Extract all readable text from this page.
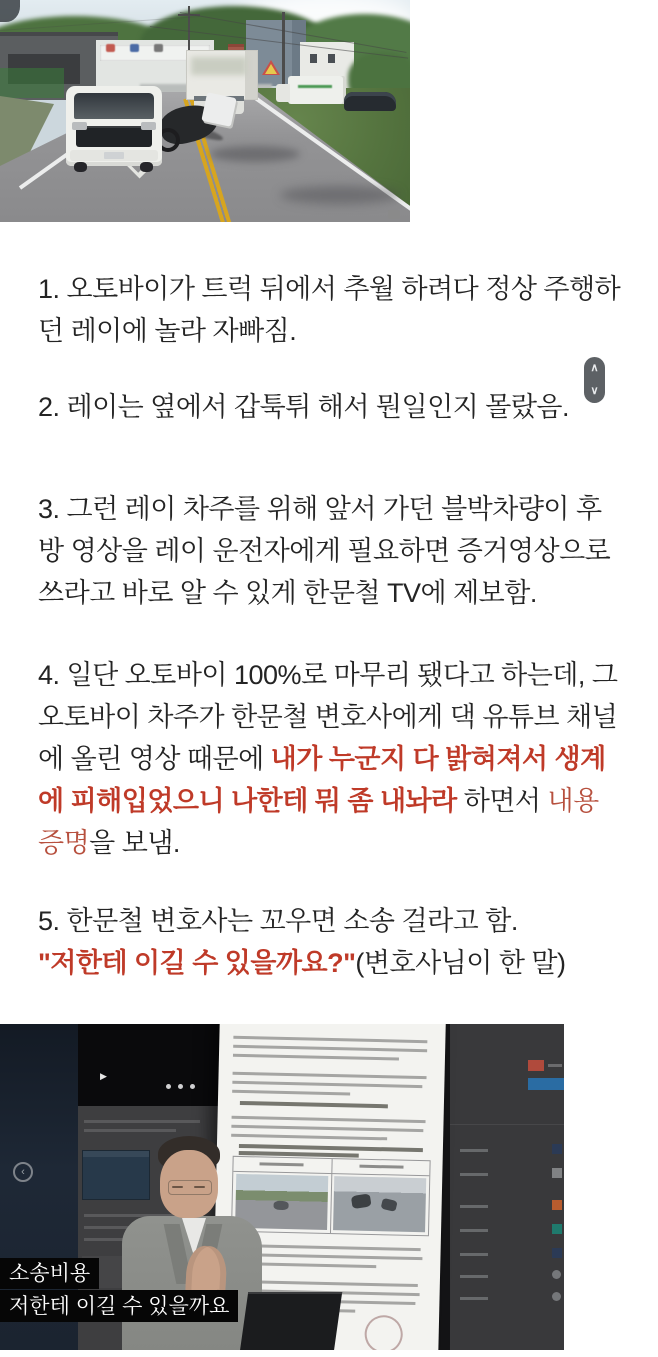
∧
∨

1. 오토바이가 트럭 뒤에서 추월 하려다 정상 주행하던 레이에 놀라 자빠짐.

2. 레이는 옆에서 갑툭튀 해서 뭔일인지 몰랐음.

3. 그런 레이 차주를 위해 앞서 가던 블박차량이 후방 영상을 레이 운전자에게 필요하면 증거영상으로 쓰라고 바로 알 수 있게 한문철 TV에 제보함.

4. 일단 오토바이 100%로 마무리 됐다고 하는데, 그 오토바이 차주가 한문철 변호사에게 댁 유튜브 채널에 올린 영상 때문에 내가 누군지 다 밝혀져서 생계에 피해입었으니 나한테 뭐 좀 내놔라 하면서 내용증명을 보냄.

5. 한문철 변호사는 꼬우면 소송 걸라고 함.
"저한테 이길 수 있을까요?"(변호사님이 한 말)

‹
▶
소송비용
저한테 이길 수 있을까요
